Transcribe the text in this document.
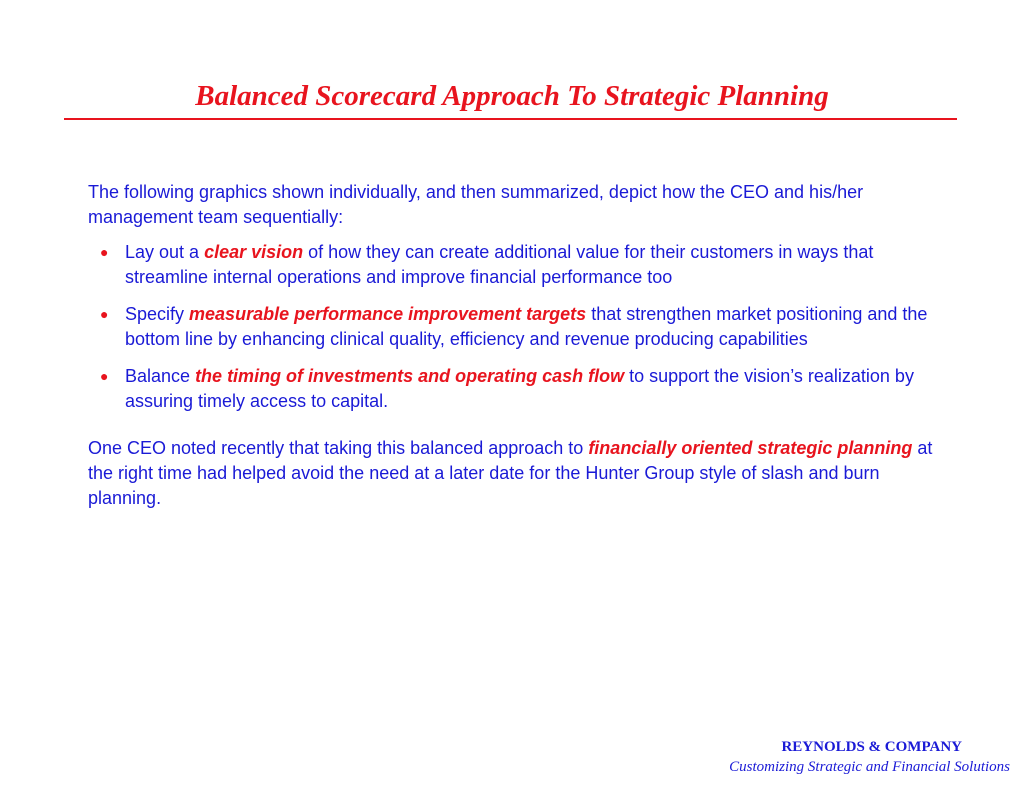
Balanced Scorecard Approach To Strategic Planning

The following graphics shown individually, and then summarized, depict how the CEO and his/her management team sequentially:

● Lay out a clear vision of how they can create additional value for their customers in ways that streamline internal operations and improve financial performance too
● Specify measurable performance improvement targets that strengthen market positioning and the bottom line by enhancing clinical quality, efficiency and revenue producing capabilities
● Balance the timing of investments and operating cash flow to support the vision’s realization by assuring timely access to capital.

One CEO noted recently that taking this balanced approach to financially oriented strategic planning at the right time had helped avoid the need at a later date for the Hunter Group style of slash and burn planning.

REYNOLDS & COMPANY
Customizing Strategic and Financial Solutions
